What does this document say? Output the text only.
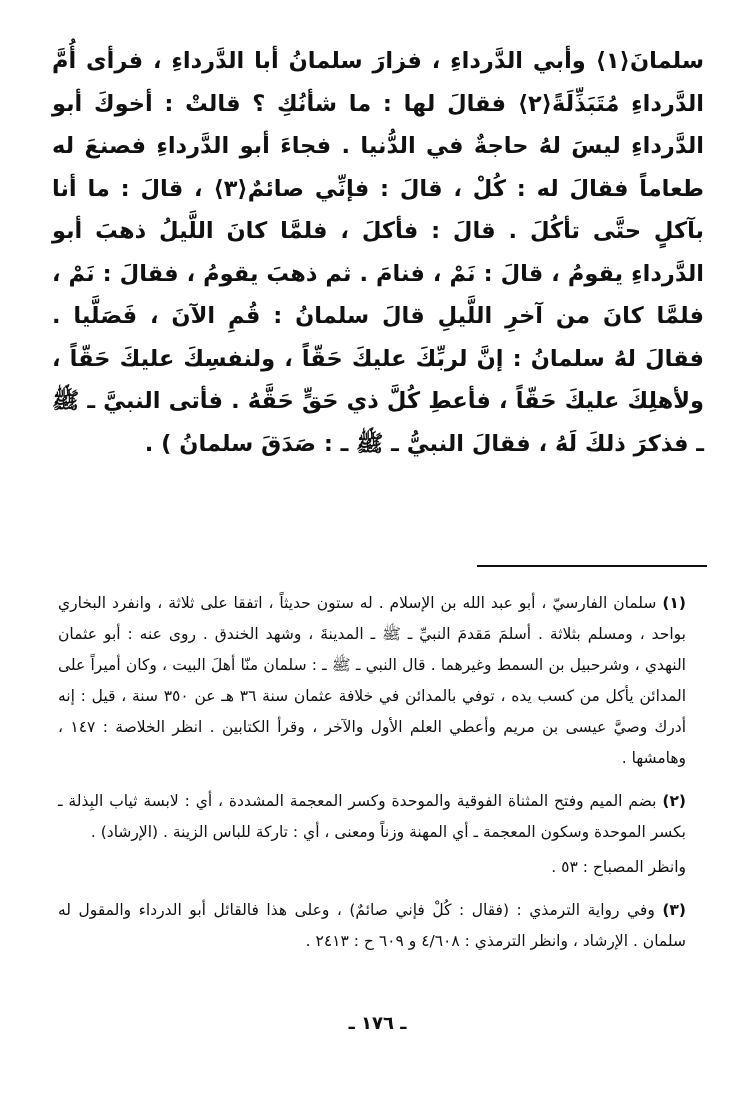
سلمانَ⟨١⟩ وأبي الدَّرداءِ ، فزارَ سلمانُ أبا الدَّرداءِ ، فرأى أُمَّ الدَّرداءِ مُتَبَذِّلَةً⟨٢⟩ فقالَ لها : ما شأنُكِ ؟ قالتْ : أخوكَ أبو الدَّرداءِ ليسَ لهُ حاجةٌ في الدُّنيا . فجاءَ أبو الدَّرداءِ فصنعَ له طعاماً فقالَ له : كُلْ ، قالَ : فإنِّي صائمٌ⟨٣⟩ ، قالَ : ما أنا بآكلٍ حتَّى تأكُلَ . قالَ : فأكلَ ، فلمَّا كانَ اللَّيلُ ذهبَ أبو الدَّرداءِ يقومُ ، قالَ : نَمْ ، فنامَ . ثم ذهبَ يقومُ ، فقالَ : نَمْ ، فلمَّا كانَ من آخرِ اللَّيلِ قالَ سلمانُ : قُمِ الآنَ ، فَصَلَّيا . فقالَ لهُ سلمانُ : إنَّ لربِّكَ عليكَ حَقّاً ، ولنفسِكَ عليكَ حَقّاً ، ولأهلِكَ عليكَ حَقّاً ، فأعطِ كُلَّ ذي حَقٍّ حَقَّهُ . فأتى النبيَّ ـ ﷺ ـ فذكرَ ذلكَ لَهُ ، فقالَ النبيُّ ـ ﷺ ـ : صَدَقَ سلمانُ ) .

(١) سلمان الفارسيّ ، أبو عبد الله بن الإسلام . له ستون حديثاً ، اتفقا على ثلاثة ، وانفرد البخاري بواحد ، ومسلم بثلاثة . أسلمَ مَقدمَ النبيِّ ـ ﷺ ـ المدينةَ ، وشهد الخندق . روى عنه : أبو عثمان النهدي ، وشرحبيل بن السمط وغيرهما . قال النبي ـ ﷺ ـ : سلمان منّا أهلَ البيت ، وكان أميراً على المدائن يأكل من كسب يده ، توفي بالمدائن في خلافة عثمان سنة ٣٦ هـ عن ٣٥٠ سنة ، قيل : إنه أدرك وصيَّ عيسى بن مريم وأعطي العلم الأول والآخر ، وقرأ الكتابين . انظر الخلاصة : ١٤٧ ، وهامشها .

(٢) بضم الميم وفتح المثناة الفوقية والموحدة وكسر المعجمة المشددة ، أي : لابسة ثياب البِذلة ـ بكسر الموحدة وسكون المعجمة ـ أي المهنة وزناً ومعنى ، أي : تاركة للباس الزينة . (الإرشاد) .

وانظر المصباح : ٥٣ .

(٣) وفي رواية الترمذي : (فقال : كُلْ فإني صائمٌ) ، وعلى هذا فالقائل أبو الدرداء والمقول له سلمان . الإرشاد ، وانظر الترمذي : ٤/٦٠٨ و ٦٠٩ ح : ٢٤١٣ .

ـ ١٧٦ ـ
